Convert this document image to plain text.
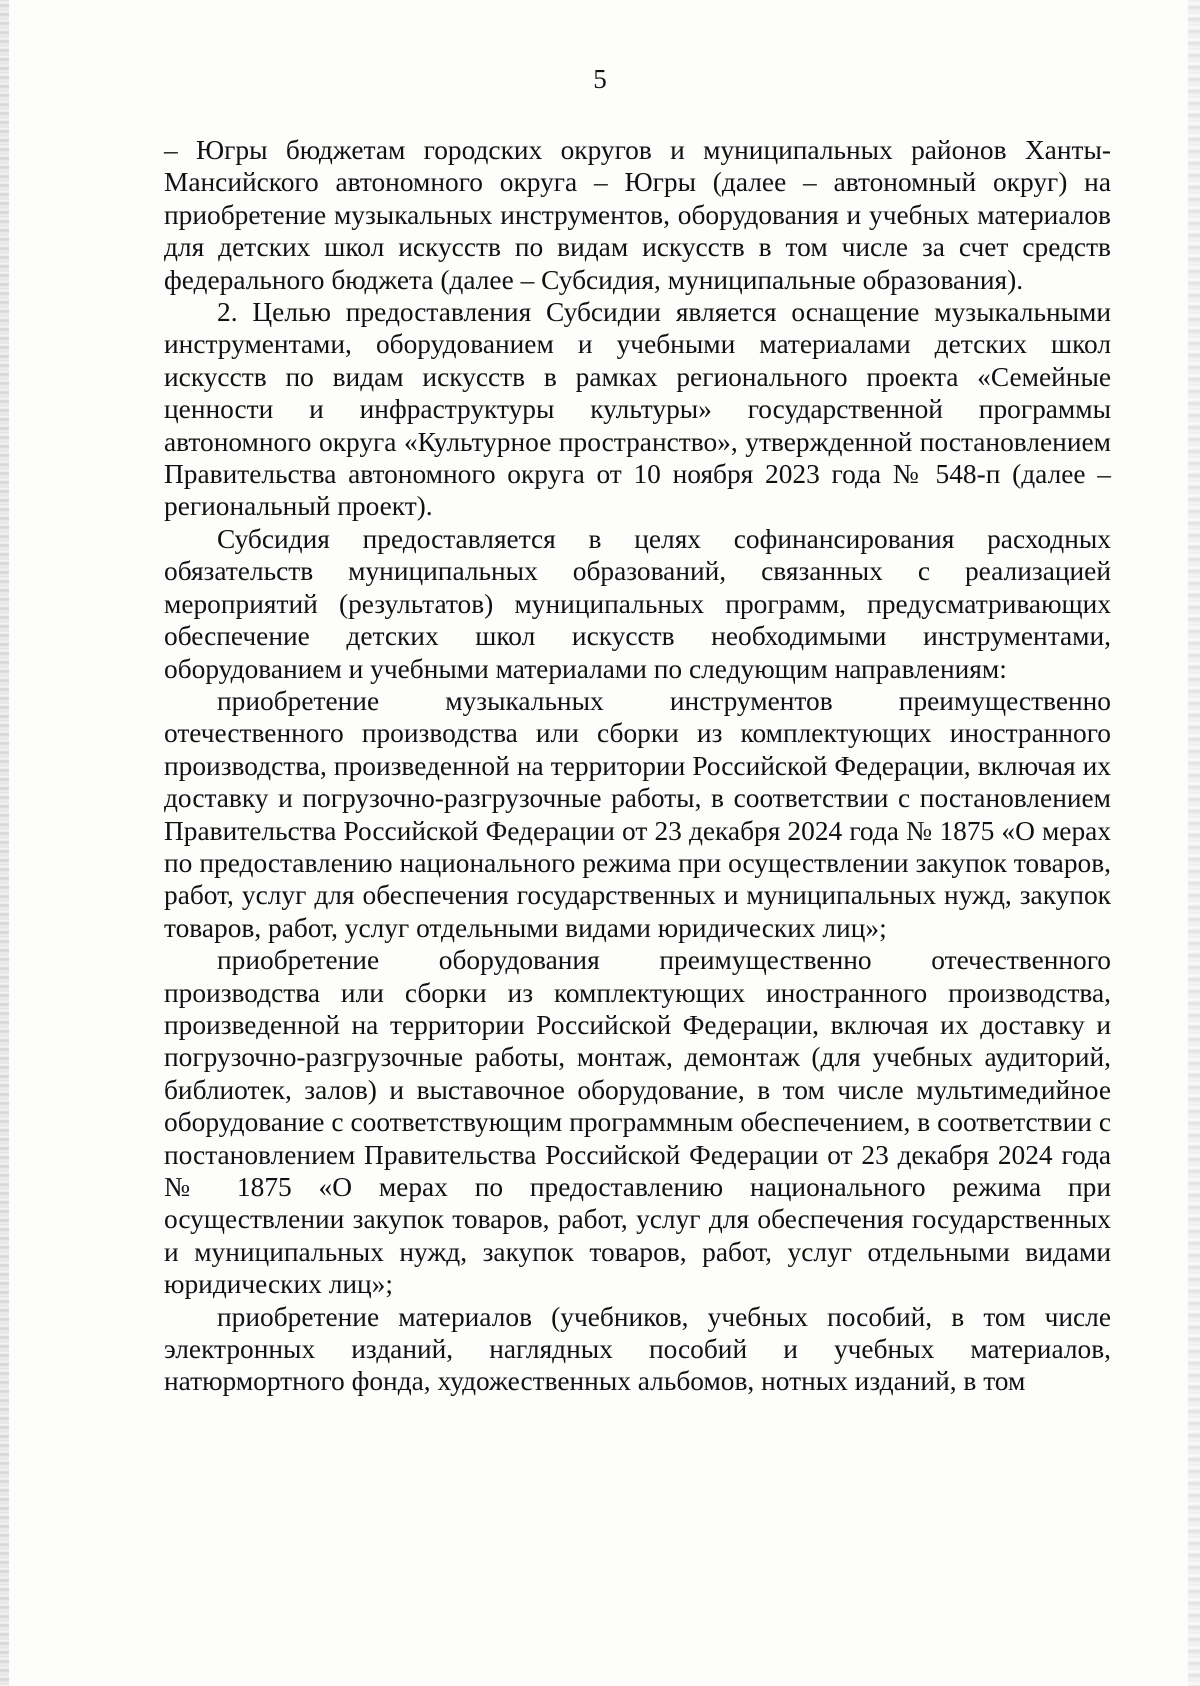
5

– Югры бюджетам городских округов и муниципальных районов Ханты-Мансийского автономного округа – Югры (далее – автономный округ) на приобретение музыкальных инструментов, оборудования и учебных материалов для детских школ искусств по видам искусств в том числе за счет средств федерального бюджета (далее – Субсидия, муниципальные образования).

2. Целью предоставления Субсидии является оснащение музыкальными инструментами, оборудованием и учебными материалами детских школ искусств по видам искусств в рамках регионального проекта «Семейные ценности и инфраструктуры культуры» государственной программы автономного округа «Культурное пространство», утвержденной постановлением Правительства автономного округа от 10 ноября 2023 года № 548-п (далее – региональный проект).

Субсидия предоставляется в целях софинансирования расходных обязательств муниципальных образований, связанных с реализацией мероприятий (результатов) муниципальных программ, предусматривающих обеспечение детских школ искусств необходимыми инструментами, оборудованием и учебными материалами по следующим направлениям:

приобретение музыкальных инструментов преимущественно отечественного производства или сборки из комплектующих иностранного производства, произведенной на территории Российской Федерации, включая их доставку и погрузочно-разгрузочные работы, в соответствии с постановлением Правительства Российской Федерации от 23 декабря 2024 года № 1875 «О мерах по предоставлению национального режима при осуществлении закупок товаров, работ, услуг для обеспечения государственных и муниципальных нужд, закупок товаров, работ, услуг отдельными видами юридических лиц»;

приобретение оборудования преимущественно отечественного производства или сборки из комплектующих иностранного производства, произведенной на территории Российской Федерации, включая их доставку и погрузочно-разгрузочные работы, монтаж, демонтаж (для учебных аудиторий, библиотек, залов) и выставочное оборудование, в том числе мультимедийное оборудование с соответствующим программным обеспечением, в соответствии с постановлением Правительства Российской Федерации от 23 декабря 2024 года № 1875 «О мерах по предоставлению национального режима при осуществлении закупок товаров, работ, услуг для обеспечения государственных и муниципальных нужд, закупок товаров, работ, услуг отдельными видами юридических лиц»;

приобретение материалов (учебников, учебных пособий, в том числе электронных изданий, наглядных пособий и учебных материалов, натюрмортного фонда, художественных альбомов, нотных изданий, в том
